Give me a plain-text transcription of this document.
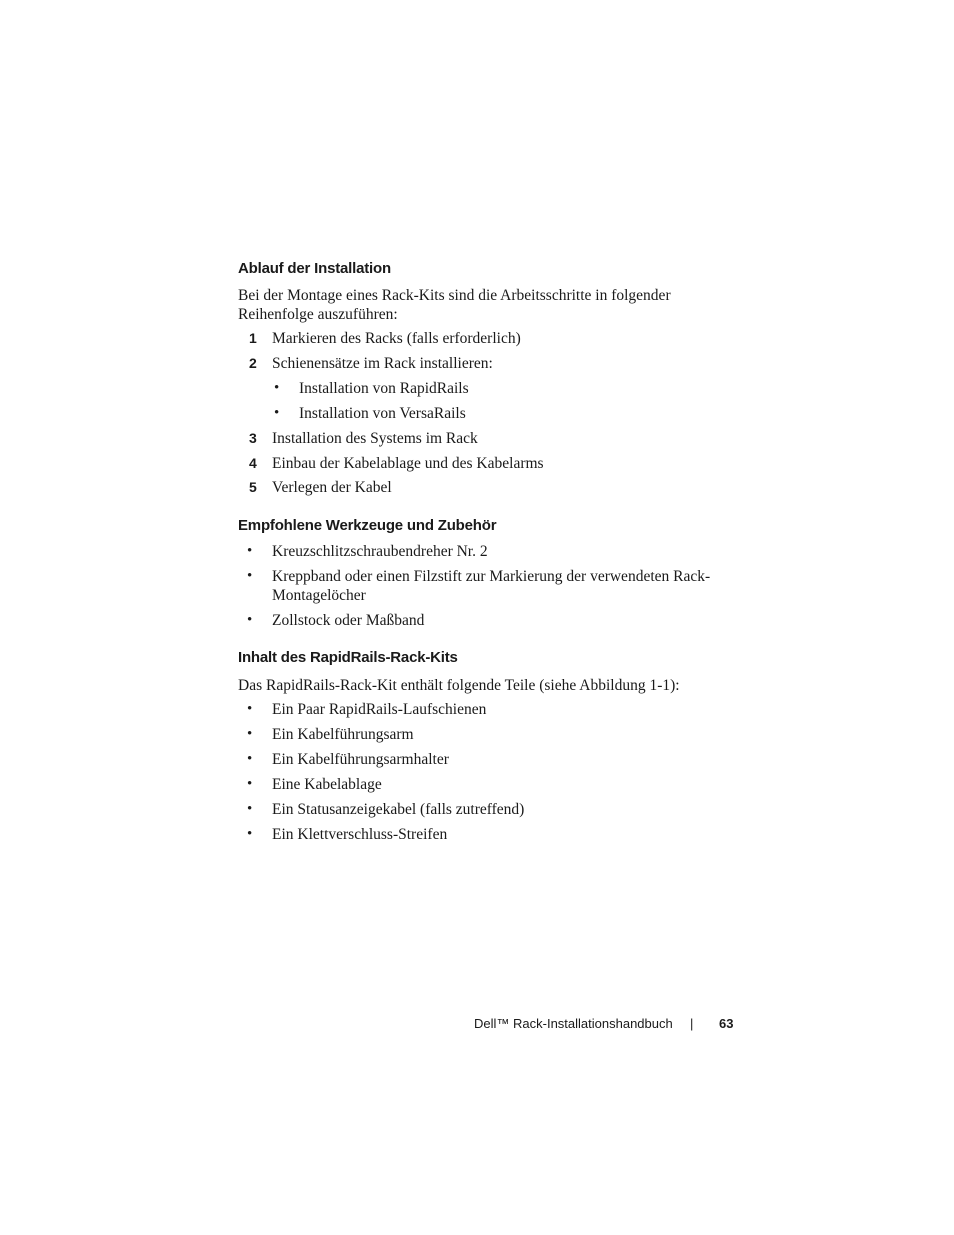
Ablauf der Installation

Bei der Montage eines Rack-Kits sind die Arbeitsschritte in folgender Reihenfolge auszuführen:

1 Markieren des Racks (falls erforderlich)
2 Schienensätze im Rack installieren:
• Installation von RapidRails
• Installation von VersaRails
3 Installation des Systems im Rack
4 Einbau der Kabelablage und des Kabelarms
5 Verlegen der Kabel
Empfohlene Werkzeuge und Zubehör
• Kreuzschlitzschraubendreher Nr. 2
• Kreppband oder einen Filzstift zur Markierung der verwendeten Rack-
Montagelöcher
• Zollstock oder Maßband
Inhalt des RapidRails-Rack-Kits

Das RapidRails-Rack-Kit enthält folgende Teile (siehe Abbildung 1-1):

• Ein Paar RapidRails-Laufschienen
• Ein Kabelführungsarm
• Ein Kabelführungsarmhalter
• Eine Kabelablage
• Ein Statusanzeigekabel (falls zutreffend)
• Ein Klettverschluss-Streifen
Dell™ Rack-Installationshandbuch | 63
